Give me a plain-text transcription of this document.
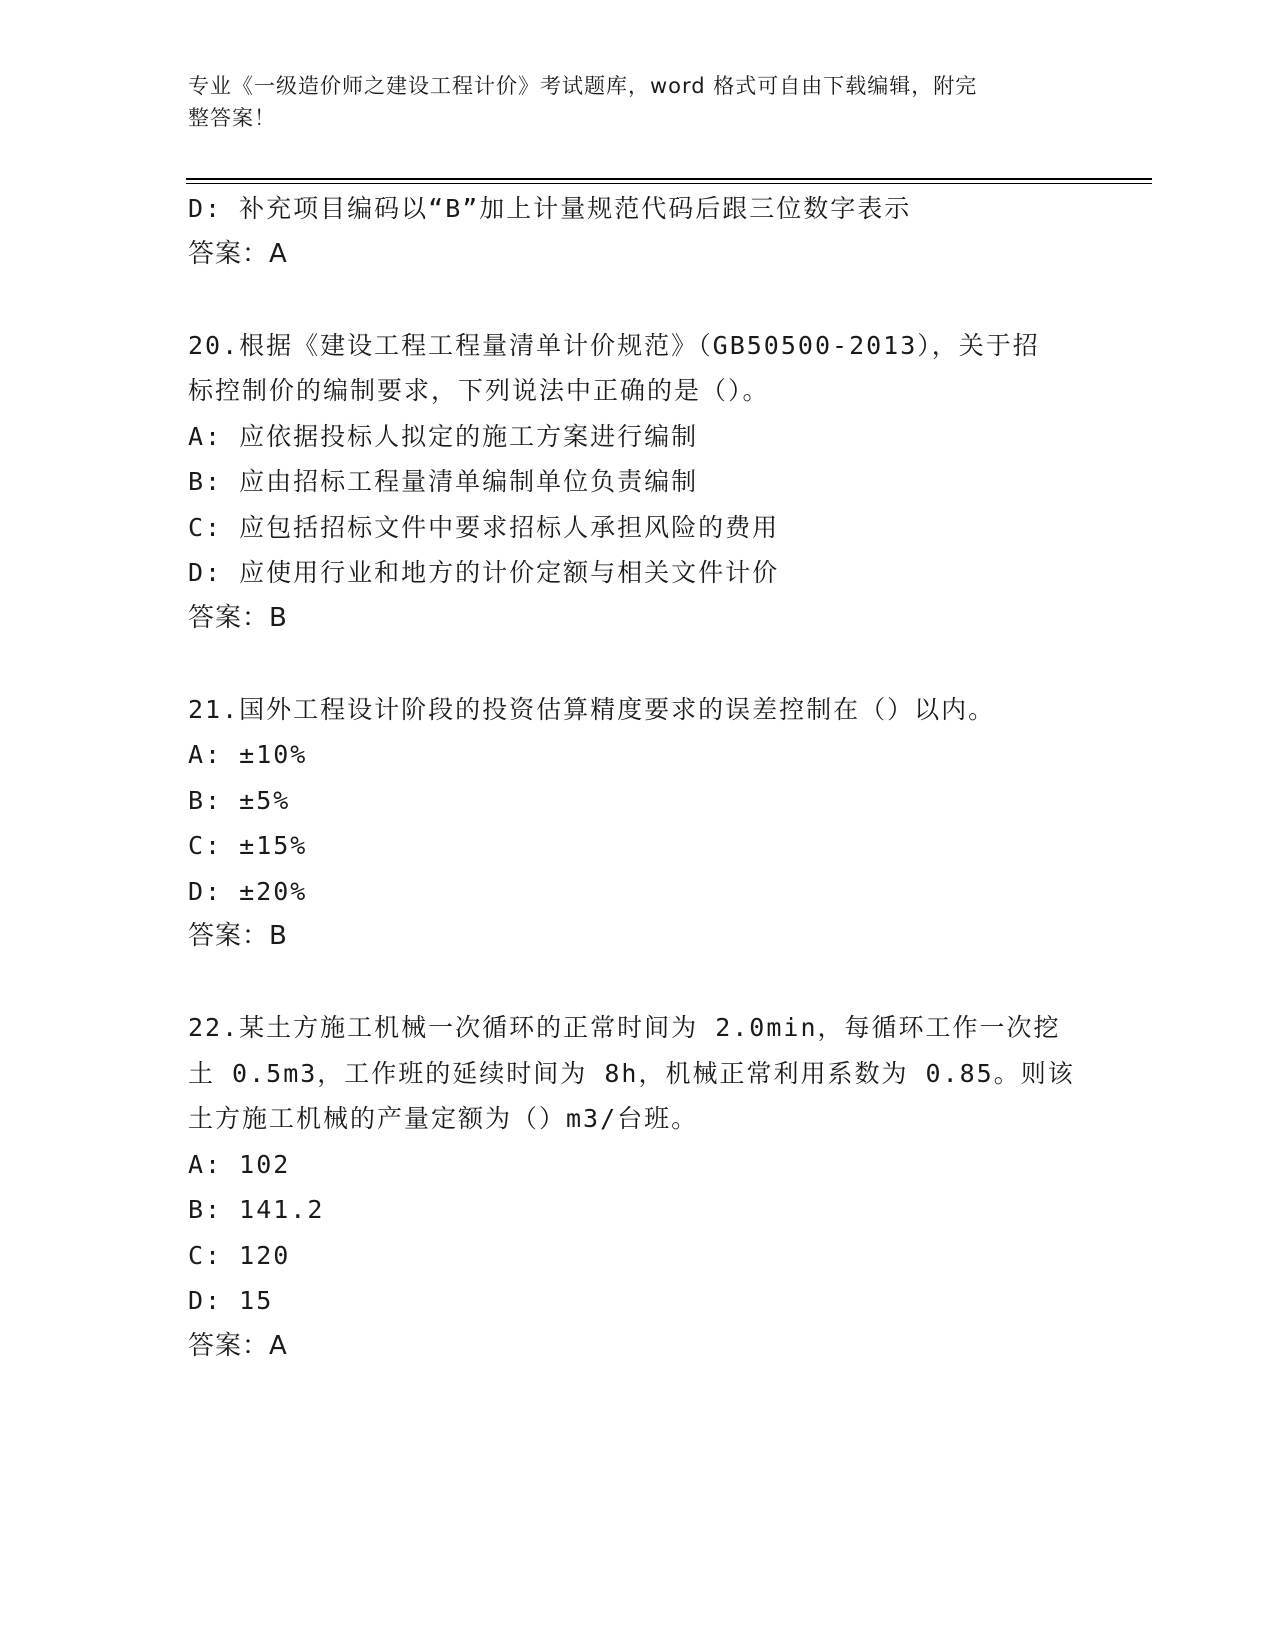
专业《一级造价师之建设工程计价》考试题库，word 格式可自由下载编辑，附完
整答案！
D: 补充项目编码以“B”加上计量规范代码后跟三位数字表示
答案：A
20.根据《建设工程工程量清单计价规范》（GB50500-2013），关于招
标控制价的编制要求，下列说法中正确的是（）。
A: 应依据投标人拟定的施工方案进行编制
B: 应由招标工程量清单编制单位负责编制
C: 应包括招标文件中要求招标人承担风险的费用
D: 应使用行业和地方的计价定额与相关文件计价
答案：B
21.国外工程设计阶段的投资估算精度要求的误差控制在（）以内。
A: ±10%
B: ±5%
C: ±15%
D: ±20%
答案：B
22.某土方施工机械一次循环的正常时间为 2.0min，每循环工作一次挖
土 0.5m3，工作班的延续时间为 8h，机械正常利用系数为 0.85。则该
土方施工机械的产量定额为（）m3/台班。
A: 102
B: 141.2
C: 120
D: 15
答案：A
